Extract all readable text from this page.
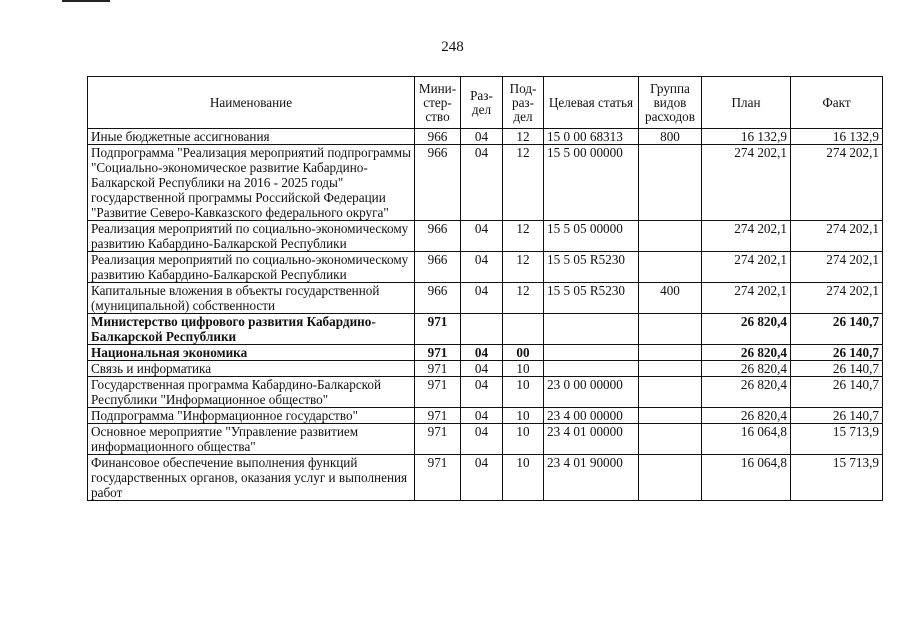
248
Наименование	Мини-стер-ство	Раз-дел	Под-раз-дел	Целевая статья	Группа видов расходов	План	Факт
Иные бюджетные ассигнования	966	04	12	15 0 00 68313	800	16 132,9	16 132,9
Подпрограмма "Реализация мероприятий подпрограммы "Социально-экономическое развитие Кабардино-Балкарской Республики на 2016 - 2025 годы" государственной программы Российской Федерации "Развитие Северо-Кавказского федерального округа"	966	04	12	15 5 00 00000		274 202,1	274 202,1
Реализация мероприятий по социально-экономическому развитию Кабардино-Балкарской Республики	966	04	12	15 5 05 00000		274 202,1	274 202,1
Реализация мероприятий по социально-экономическому развитию Кабардино-Балкарской Республики	966	04	12	15 5 05 R5230		274 202,1	274 202,1
Капитальные вложения в объекты государственной (муниципальной) собственности	966	04	12	15 5 05 R5230	400	274 202,1	274 202,1
Министерство цифрового развития Кабардино-Балкарской Республики	971					26 820,4	26 140,7
Национальная экономика	971	04	00			26 820,4	26 140,7
Связь и информатика	971	04	10			26 820,4	26 140,7
Государственная программа Кабардино-Балкарской Республики "Информационное общество"	971	04	10	23 0 00 00000		26 820,4	26 140,7
Подпрограмма "Информационное государство"	971	04	10	23 4 00 00000		26 820,4	26 140,7
Основное мероприятие "Управление развитием информационного общества"	971	04	10	23 4 01 00000		16 064,8	15 713,9
Финансовое обеспечение выполнения функций государственных органов, оказания услуг и выполнения работ	971	04	10	23 4 01 90000		16 064,8	15 713,9
